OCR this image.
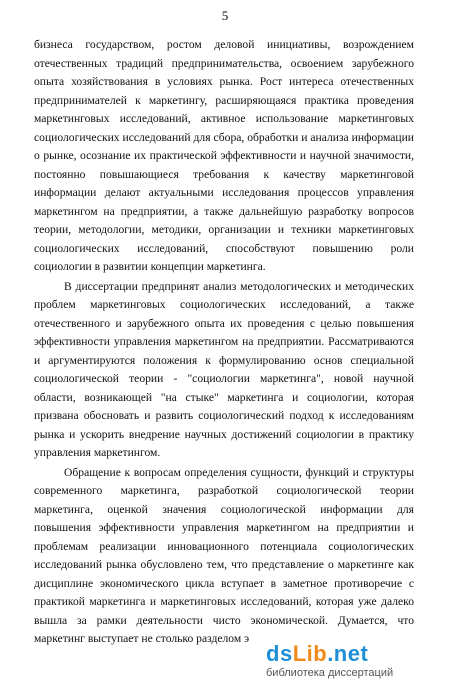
5

бизнеса государством, ростом деловой инициативы, возрождением отечественных традиций предпринимательства, освоением зарубежного опыта хозяйствования в условиях рынка. Рост интереса отечественных предпринимателей к маркетингу, расширяющаяся практика проведения маркетинговых исследований, активное использование маркетинговых социологических исследований для сбора, обработки и анализа информации о рынке, осознание их практической эффективности и научной значимости, постоянно повышающиеся требования к качеству маркетинговой информации делают актуальными исследования процессов управления маркетингом на предприятии, а также дальнейшую разработку вопросов теории, методологии, методики, организации и техники маркетинговых социологических исследований, способствуют повышению роли социологии в развитии концепции маркетинга.

В диссертации предпринят анализ методологических и методических проблем маркетинговых социологических исследований, а также отечественного и зарубежного опыта их проведения с целью повышения эффективности управления маркетингом на предприятии. Рассматриваются и аргументируются положения к формулированию основ специальной социологической теории - "социологии маркетинга", новой научной области, возникающей "на стыке" маркетинга и социологии, которая призвана обосновать и развить социологический подход к исследованиям рынка и ускорить внедрение научных достижений социологии в практику управления маркетингом.

Обращение к вопросам определения сущности, функций и структуры современного маркетинга, разработкой социологической теории маркетинга, оценкой значения социологической информации для повышения эффективности управления маркетингом на предприятии и проблемам реализации инновационного потенциала социологических исследований рынка обусловлено тем, что представление о маркетинге как дисциплине экономического цикла вступает в заметное противоречие с практикой маркетинга и маркетинговых исследований, которая уже далеко вышла за рамки деятельности чисто экономической. Думается, что маркетинг выступает не столько разделом э

dsLib.net
библиотека диссертаций
